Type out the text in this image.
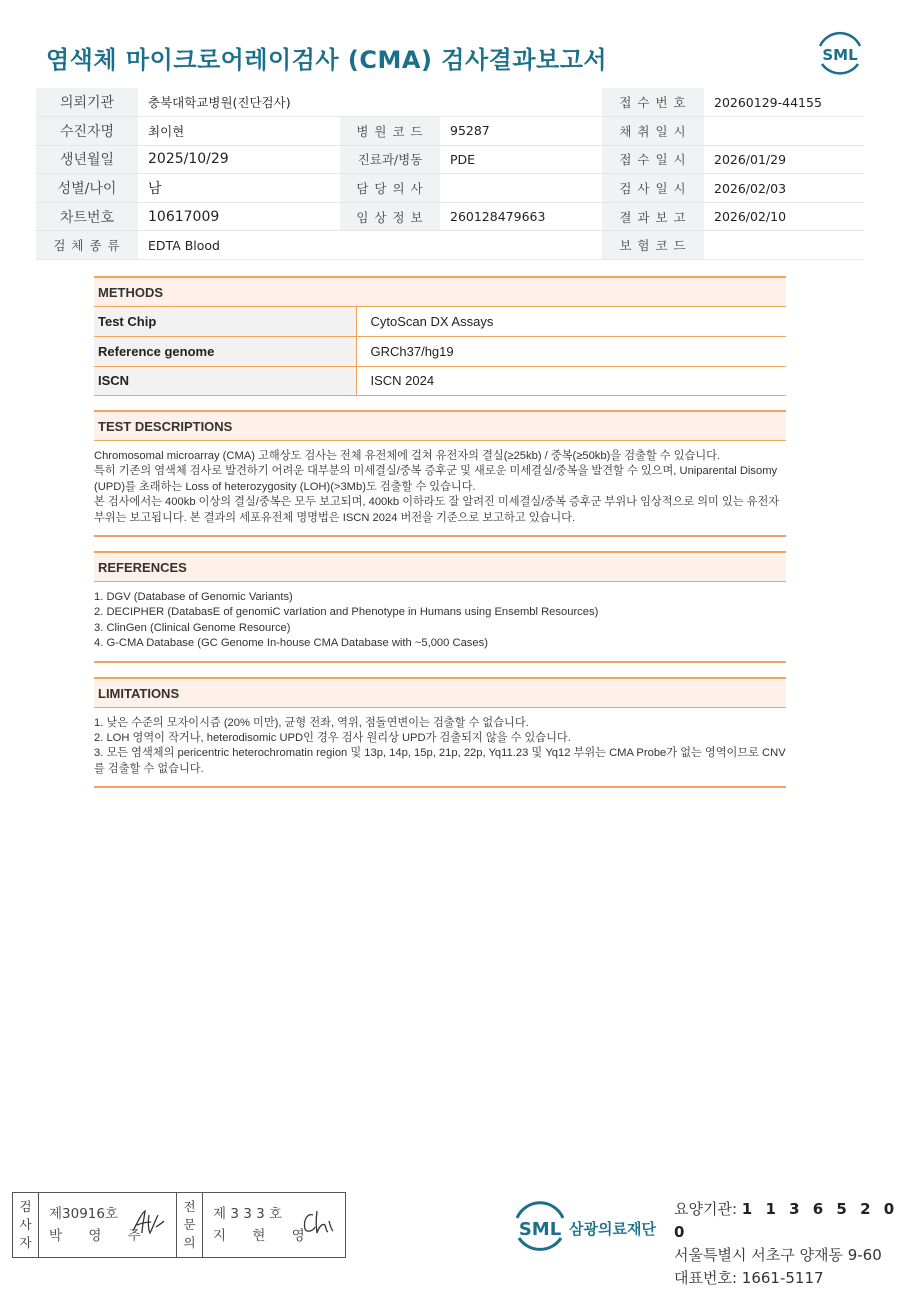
염색체 마이크로어레이검사 (CMA) 검사결과보고서	SML
의뢰기관	충북대학교병원(진단검사)			접 수 번 호	20260129-44155
수진자명	최이현	병 원 코 드	95287	채 취 일 시	
생년월일	2025/10/29	진료과/병동	PDE	접 수 일 시	2026/01/29
성별/나이	남	담 당 의 사		검 사 일 시	2026/02/03
차트번호	10617009	임 상 정 보	260128479663	결 과 보 고	2026/02/10
검 체 종 류	EDTA Blood			보 험 코 드	
METHODS
Test Chip	CytoScan DX Assays
Reference genome	GRCh37/hg19
ISCN	ISCN 2024
TEST DESCRIPTIONS

Chromosomal microarray (CMA) 고해상도 검사는 전체 유전체에 걸쳐 유전자의 결실(≥25kb) / 중복(≥50kb)을 검출할 수 있습니다.

특히 기존의 염색체 검사로 발견하기 어려운 대부분의 미세결실/중복 증후군 및 새로운 미세결실/중복을 발견할 수 있으며, Uniparental Disomy (UPD)를 초래하는 Loss of heterozygosity (LOH)(>3Mb)도 검출할 수 있습니다.

본 검사에서는 400kb 이상의 결실/중복은 모두 보고되며, 400kb 이하라도 잘 알려진 미세결실/중복 증후군 부위나 임상적으로 의미 있는 유전자 부위는 보고됩니다. 본 결과의 세포유전체 명명법은 ISCN 2024 버전을 기준으로 보고하고 있습니다.

REFERENCES

1. DGV (Database of Genomic Variants)

2. DECIPHER (DatabasE of genomiC varIation and Phenotype in Humans using Ensembl Resources)

3. ClinGen (Clinical Genome Resource)

4. G-CMA Database (GC Genome In-house CMA Database with ~5,000 Cases)

LIMITATIONS

1. 낮은 수준의 모자이시즘 (20% 미만), 균형 전좌, 역위, 점돌연변이는 검출할 수 없습니다.

2. LOH 영역이 작거나, heterodisomic UPD인 경우 검사 원리상 UPD가 검출되지 않을 수 있습니다.

3. 모든 염색체의 pericentric heterochromatin region 및 13p, 14p, 15p, 21p, 22p, Yq11.23 및 Yq12 부위는 CMA Probe가 없는 영역이므로 CNV를 검출할 수 없습니다.

검
사
자
제30916호
박 영 주
전
문
의
제 3 3 3 호
지 현 영	SML 삼광의료재단
요양기관: 1 1 3 6 5 2 0 0
서울특별시 서초구 양재동 9-60
대표번호: 1661-5117
